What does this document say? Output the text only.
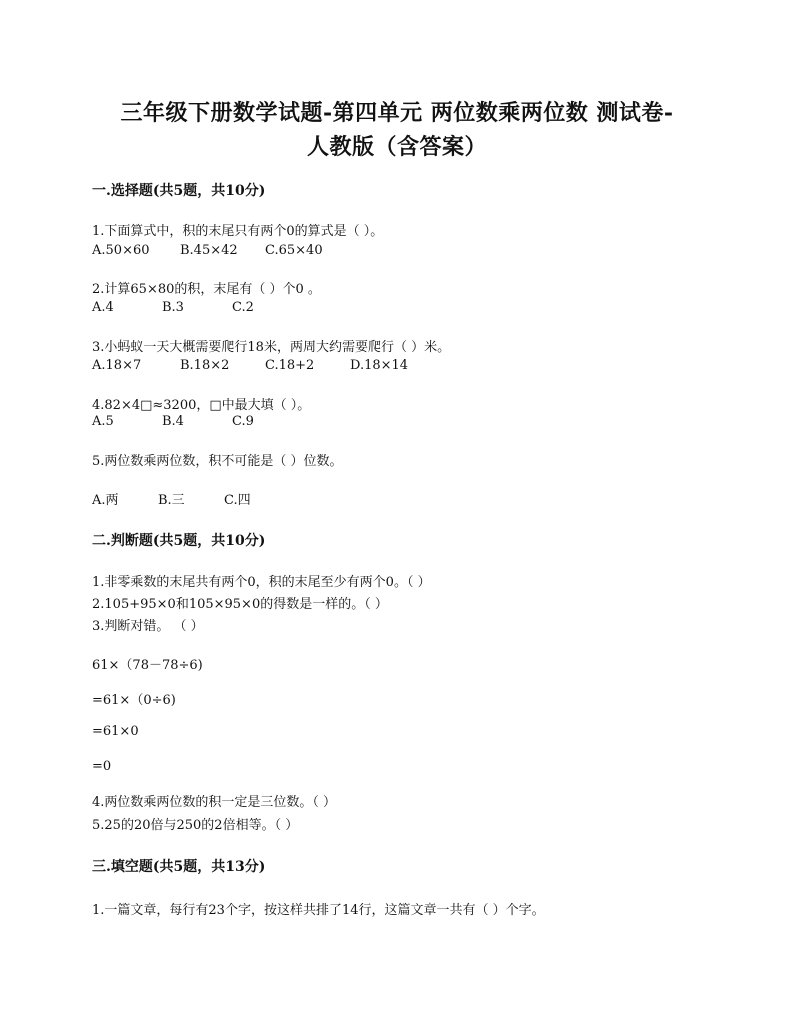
三年级下册数学试题-第四单元 两位数乘两位数 测试卷-
人教版（含答案）
一.选择题(共5题，共10分)
1.下面算式中，积的末尾只有两个0的算式是（ ）。
A.50×60 B.45×42 C.65×40
2.计算65×80的积，末尾有（ ）个0 。
A.4	B.3	C.2
3.小蚂蚁一天大概需要爬行18米，两周大约需要爬行（ ）米。
A.18×7	B.18×2	C.18+2	D.18×14
4.82×4□≈3200，□中最大填（ ）。
A.5	B.4	C.9
5.两位数乘两位数，积不可能是（ ）位数。
A.两	B.三	C.四
二.判断题(共5题，共10分)
1.非零乘数的末尾共有两个0，积的末尾至少有两个0。（ ）
2.105+95×0和105×95×0的得数是一样的。（ ）
3.判断对错。 （ ）
61×（78－78÷6)
=61×（0÷6)
=61×0
=0
4.两位数乘两位数的积一定是三位数。（ ）
5.25的20倍与250的2倍相等。（ ）
三.填空题(共5题，共13分)
1.一篇文章，每行有23个字，按这样共排了14行，这篇文章一共有（ ）个字。
